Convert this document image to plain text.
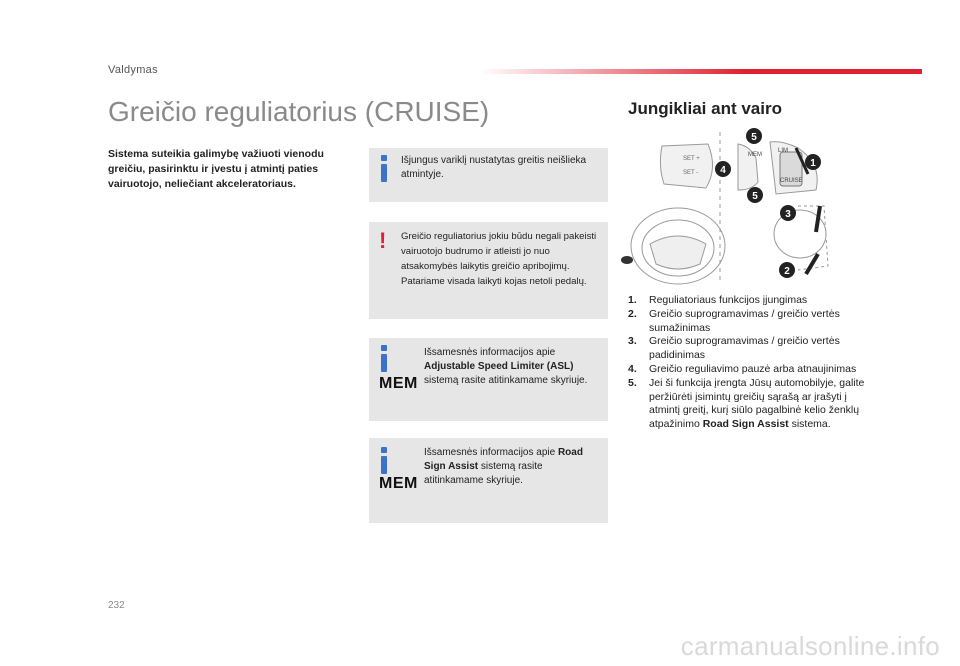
Valdymas
Greičio reguliatorius (CRUISE)
Sistema suteikia galimybę važiuoti vienodu greičiu, pasirinktu ir įvestu į atmintį paties vairuotojo, neliečiant akceleratoriaus.
Išjungus variklį nustatytas greitis neišlieka atmintyje.
! Greičio reguliatorius jokiu būdu negali pakeisti vairuotojo budrumo ir atleisti jo nuo atsakomybės laikytis greičio apribojimų. Patariame visada laikyti kojas netoli pedalų.
MEM
Išsamesnės informacijos apie Adjustable Speed Limiter (ASL) sistemą rasite atitinkamame skyriuje.
MEM
Išsamesnės informacijos apie Road Sign Assist sistemą rasite atitinkamame skyriuje.
Jungikliai ant vairo
SET +
SET -
MEM
LIM
CRUISE
5
1
4
5
3
2
1.	Reguliatoriaus funkcijos įjungimas
2.	Greičio suprogramavimas / greičio vertės sumažinimas
3.	Greičio suprogramavimas / greičio vertės padidinimas
4.	Greičio reguliavimo pauzė arba atnaujinimas
5.	Jei ši funkcija įrengta Jūsų automobilyje, galite peržiūrėti įsimintų greičių sąrašą ar įrašyti į atmintį greitį, kurį siūlo pagalbinė kelio ženklų atpažinimo Road Sign Assist sistema.
232
carmanualsonline.info
